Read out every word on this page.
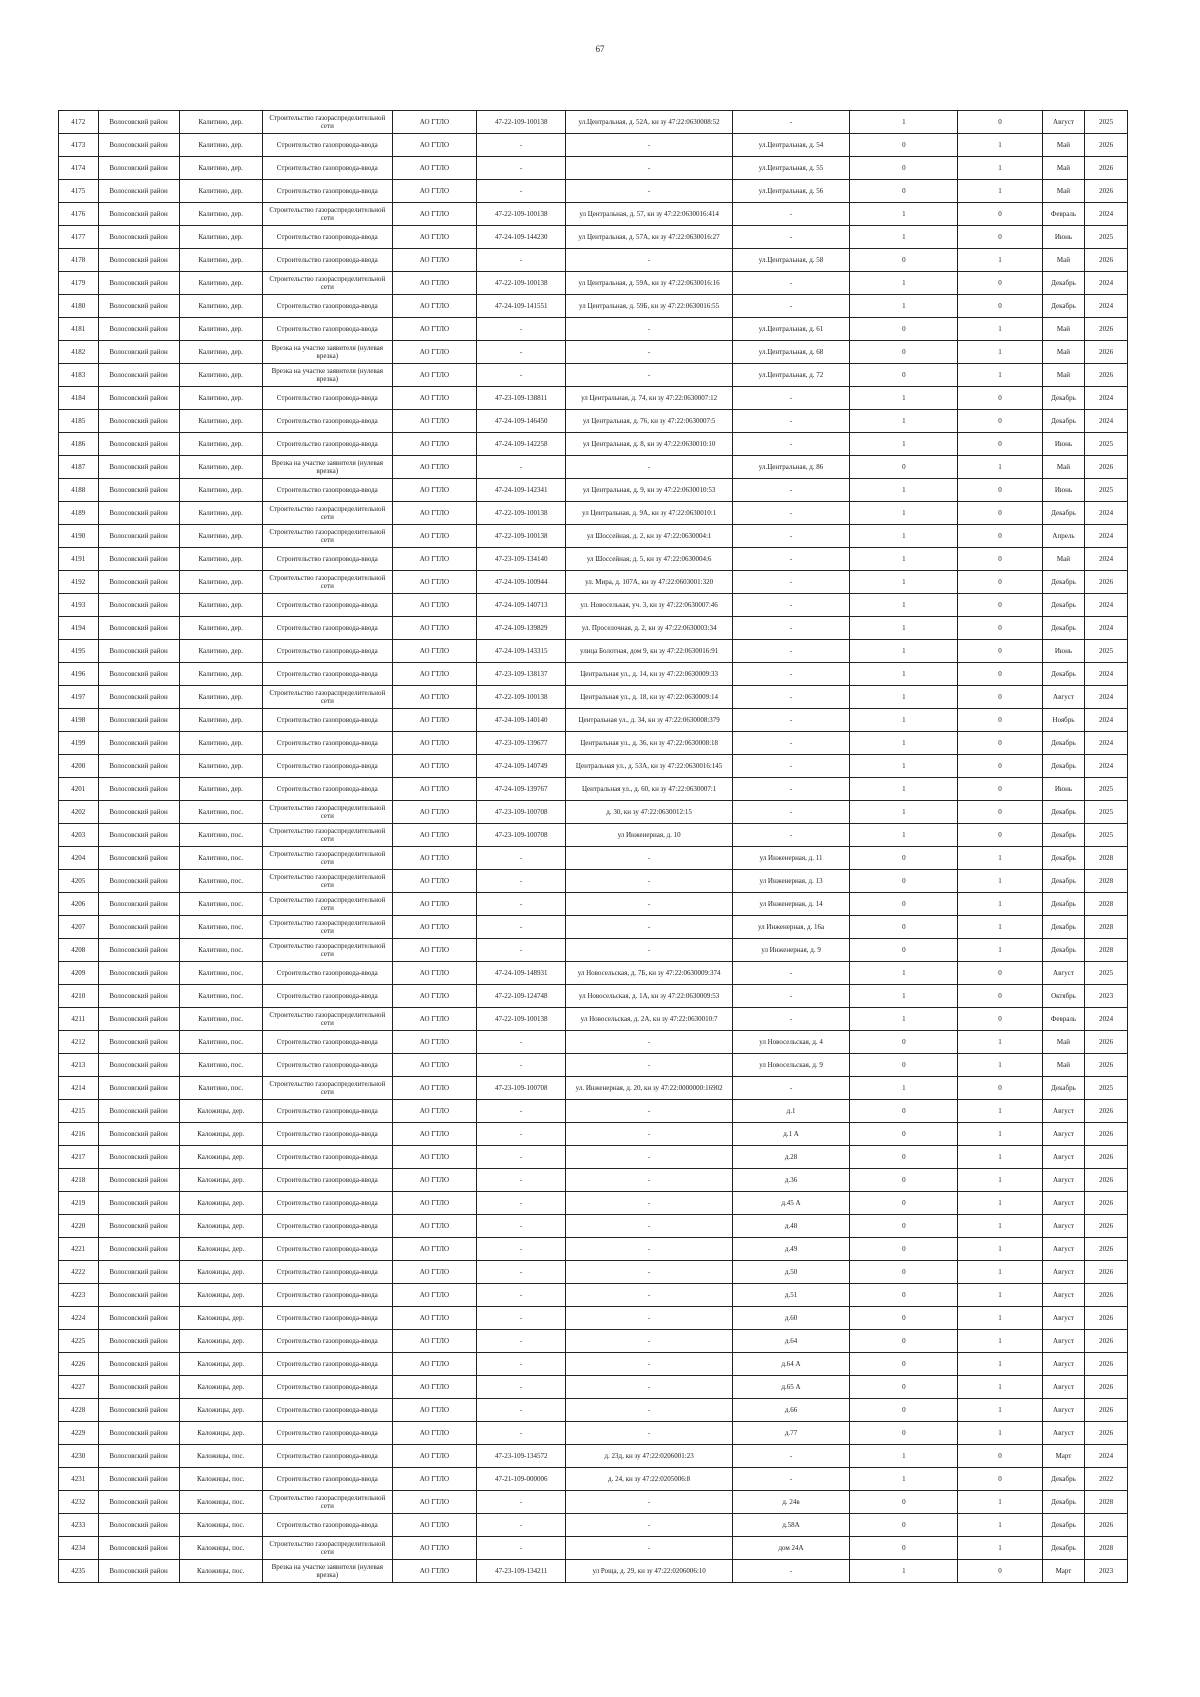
67
4172	Волосовский район	Калитино, дер.	Строительство газораспределительной сети	АО ГТЛО	47-22-109-100138	ул.Центральная, д. 52А, кн зу 47:22:0630008:52	-	1	0	Август	2025
4173	Волосовский район	Калитино, дер.	Строительство газопровода-ввода	АО ГТЛО	-	-	ул.Центральная, д. 54	0	1	Май	2026
4174	Волосовский район	Калитино, дер.	Строительство газопровода-ввода	АО ГТЛО	-	-	ул.Центральная, д. 55	0	1	Май	2026
4175	Волосовский район	Калитино, дер.	Строительство газопровода-ввода	АО ГТЛО	-	-	ул.Центральная, д. 56	0	1	Май	2026
4176	Волосовский район	Калитино, дер.	Строительство газораспределительной сети	АО ГТЛО	47-22-109-100138	ул Центральная, д. 57, кн зу 47:22:0630016:414	-	1	0	Февраль	2024
4177	Волосовский район	Калитино, дер.	Строительство газопровода-ввода	АО ГТЛО	47-24-109-144230	ул Центральная, д. 57А, кн зу 47:22:0630016:27	-	1	0	Июнь	2025
4178	Волосовский район	Калитино, дер.	Строительство газопровода-ввода	АО ГТЛО	-	-	ул.Центральная, д. 58	0	1	Май	2026
4179	Волосовский район	Калитино, дер.	Строительство газораспределительной сети	АО ГТЛО	47-22-109-100138	ул Центральная, д. 59А, кн зу 47:22:0630016:16	-	1	0	Декабрь	2024
4180	Волосовский район	Калитино, дер.	Строительство газопровода-ввода	АО ГТЛО	47-24-109-141551	ул Центральная, д. 59Б, кн зу 47:22:0630016:55	-	1	0	Декабрь	2024
4181	Волосовский район	Калитино, дер.	Строительство газопровода-ввода	АО ГТЛО	-	-	ул.Центральная, д. 61	0	1	Май	2026
4182	Волосовский район	Калитино, дер.	Врезка на участке заявителя (нулевая врезка)	АО ГТЛО	-	-	ул.Центральная, д. 68	0	1	Май	2026
4183	Волосовский район	Калитино, дер.	Врезка на участке заявителя (нулевая врезка)	АО ГТЛО	-	-	ул.Центральная, д. 72	0	1	Май	2026
4184	Волосовский район	Калитино, дер.	Строительство газопровода-ввода	АО ГТЛО	47-23-109-138811	ул Центральная, д. 74, кн зу 47:22:0630007:12	-	1	0	Декабрь	2024
4185	Волосовский район	Калитино, дер.	Строительство газопровода-ввода	АО ГТЛО	47-24-109-146450	ул Центральная, д. 76, кн зу 47:22:0630007:5	-	1	0	Декабрь	2024
4186	Волосовский район	Калитино, дер.	Строительство газопровода-ввода	АО ГТЛО	47-24-109-142258	ул Центральная, д. 8, кн зу 47:22:0630010:10	-	1	0	Июнь	2025
4187	Волосовский район	Калитино, дер.	Врезка на участке заявителя (нулевая врезка)	АО ГТЛО	-	-	ул.Центральная, д. 86	0	1	Май	2026
4188	Волосовский район	Калитино, дер.	Строительство газопровода-ввода	АО ГТЛО	47-24-109-142341	ул Центральная, д. 9, кн зу 47:22:0630010:53	-	1	0	Июнь	2025
4189	Волосовский район	Калитино, дер.	Строительство газораспределительной сети	АО ГТЛО	47-22-109-100138	ул Центральная, д. 9А, кн зу 47:22:0630010:1	-	1	0	Декабрь	2024
4190	Волосовский район	Калитино, дер.	Строительство газораспределительной сети	АО ГТЛО	47-22-109-100138	ул Шоссейная, д. 2, кн зу 47:22:0630004:1	-	1	0	Апрель	2024
4191	Волосовский район	Калитино, дер.	Строительство газопровода-ввода	АО ГТЛО	47-23-109-134140	ул Шоссейная, д. 5, кн зу 47:22:0630004:6	-	1	0	Май	2024
4192	Волосовский район	Калитино, дер.	Строительство газораспределительной сети	АО ГТЛО	47-24-109-100944	ул. Мира, д. 107А, кн зу 47:22:0603001:320	-	1	0	Декабрь	2026
4193	Волосовский район	Калитино, дер.	Строительство газопровода-ввода	АО ГТЛО	47-24-109-140713	ул. Новоселькая, уч. 3, кн зу 47:22:0630007:46	-	1	0	Декабрь	2024
4194	Волосовский район	Калитино, дер.	Строительство газопровода-ввода	АО ГТЛО	47-24-109-139829	ул. Проселочная, д. 2, кн зу 47:22:0630003:34	-	1	0	Декабрь	2024
4195	Волосовский район	Калитино, дер.	Строительство газопровода-ввода	АО ГТЛО	47-24-109-143315	улица Болотная, дом 9, кн зу 47:22:0630016:91	-	1	0	Июнь	2025
4196	Волосовский район	Калитино, дер.	Строительство газопровода-ввода	АО ГТЛО	47-23-109-138137	Центральная ул., д. 14, кн зу 47:22:0630009:33	-	1	0	Декабрь	2024
4197	Волосовский район	Калитино, дер.	Строительство газораспределительной сети	АО ГТЛО	47-22-109-100138	Центральная ул., д. 18, кн зу 47:22:0630009:14	-	1	0	Август	2024
4198	Волосовский район	Калитино, дер.	Строительство газопровода-ввода	АО ГТЛО	47-24-109-140140	Центральная ул., д. 34, кн зу 47:22:0630008:379	-	1	0	Ноябрь	2024
4199	Волосовский район	Калитино, дер.	Строительство газопровода-ввода	АО ГТЛО	47-23-109-139677	Центральная ул., д. 36, кн зу 47:22:0630008:18	-	1	0	Декабрь	2024
4200	Волосовский район	Калитино, дер.	Строительство газопровода-ввода	АО ГТЛО	47-24-109-140749	Центральная ул., д. 53А, кн зу 47:22:0630016:145	-	1	0	Декабрь	2024
4201	Волосовский район	Калитино, дер.	Строительство газопровода-ввода	АО ГТЛО	47-24-109-139767	Центральная ул., д. 60, кн зу 47:22:0630007:1	-	1	0	Июнь	2025
4202	Волосовский район	Калитино, пос.	Строительство газораспределительной сети	АО ГТЛО	47-23-109-100708	д. 30, кн зу 47:22:0630012:15	-	1	0	Декабрь	2025
4203	Волосовский район	Калитино, пос.	Строительство газораспределительной сети	АО ГТЛО	47-23-109-100708	ул Инженерная, д. 10	-	1	0	Декабрь	2025
4204	Волосовский район	Калитино, пос.	Строительство газораспределительной сети	АО ГТЛО	-	-	ул Инженерная, д. 11	0	1	Декабрь	2028
4205	Волосовский район	Калитино, пос.	Строительство газораспределительной сети	АО ГТЛО	-	-	ул Инженерная, д. 13	0	1	Декабрь	2028
4206	Волосовский район	Калитино, пос.	Строительство газораспределительной сети	АО ГТЛО	-	-	ул Инженерная, д. 14	0	1	Декабрь	2028
4207	Волосовский район	Калитино, пос.	Строительство газораспределительной сети	АО ГТЛО	-	-	ул Инженерная, д. 16а	0	1	Декабрь	2028
4208	Волосовский район	Калитино, пос.	Строительство газораспределительной сети	АО ГТЛО	-	-	ул Инженерная, д. 9	0	1	Декабрь	2028
4209	Волосовский район	Калитино, пос.	Строительство газопровода-ввода	АО ГТЛО	47-24-109-148931	ул Новосельская, д. 7Б, кн зу 47:22:0630009:374	-	1	0	Август	2025
4210	Волосовский район	Калитино, пос.	Строительство газопровода-ввода	АО ГТЛО	47-22-109-124748	ул Новосельская, д. 1А, кн зу 47:22:0630009:53	-	1	0	Октябрь	2023
4211	Волосовский район	Калитино, пос.	Строительство газораспределительной сети	АО ГТЛО	47-22-109-100138	ул Новосельская, д. 2А, кн зу 47:22:0630010:7	-	1	0	Февраль	2024
4212	Волосовский район	Калитино, пос.	Строительство газопровода-ввода	АО ГТЛО	-	-	ул Новосельская, д. 4	0	1	Май	2026
4213	Волосовский район	Калитино, пос.	Строительство газопровода-ввода	АО ГТЛО	-	-	ул Новосельская, д. 9	0	1	Май	2026
4214	Волосовский район	Калитино, пос.	Строительство газораспределительной сети	АО ГТЛО	47-23-109-100708	ул. Инженерная, д. 20, кн зу 47:22:0000000:16902	-	1	0	Декабрь	2025
4215	Волосовский район	Каложицы, дер.	Строительство газопровода-ввода	АО ГТЛО	-	-	д.1	0	1	Август	2026
4216	Волосовский район	Каложицы, дер.	Строительство газопровода-ввода	АО ГТЛО	-	-	д.1 А	0	1	Август	2026
4217	Волосовский район	Каложицы, дер.	Строительство газопровода-ввода	АО ГТЛО	-	-	д.28	0	1	Август	2026
4218	Волосовский район	Каложицы, дер.	Строительство газопровода-ввода	АО ГТЛО	-	-	д.36	0	1	Август	2026
4219	Волосовский район	Каложицы, дер.	Строительство газопровода-ввода	АО ГТЛО	-	-	д.45 А	0	1	Август	2026
4220	Волосовский район	Каложицы, дер.	Строительство газопровода-ввода	АО ГТЛО	-	-	д.48	0	1	Август	2026
4221	Волосовский район	Каложицы, дер.	Строительство газопровода-ввода	АО ГТЛО	-	-	д.49	0	1	Август	2026
4222	Волосовский район	Каложицы, дер.	Строительство газопровода-ввода	АО ГТЛО	-	-	д.50	0	1	Август	2026
4223	Волосовский район	Каложицы, дер.	Строительство газопровода-ввода	АО ГТЛО	-	-	д.51	0	1	Август	2026
4224	Волосовский район	Каложицы, дер.	Строительство газопровода-ввода	АО ГТЛО	-	-	д.60	0	1	Август	2026
4225	Волосовский район	Каложицы, дер.	Строительство газопровода-ввода	АО ГТЛО	-	-	д.64	0	1	Август	2026
4226	Волосовский район	Каложицы, дер.	Строительство газопровода-ввода	АО ГТЛО	-	-	д.64 А	0	1	Август	2026
4227	Волосовский район	Каложицы, дер.	Строительство газопровода-ввода	АО ГТЛО	-	-	д.65 А	0	1	Август	2026
4228	Волосовский район	Каложицы, дер.	Строительство газопровода-ввода	АО ГТЛО	-	-	д.66	0	1	Август	2026
4229	Волосовский район	Каложицы, дер.	Строительство газопровода-ввода	АО ГТЛО	-	-	д.77	0	1	Август	2026
4230	Волосовский район	Каложицы, пос.	Строительство газопровода-ввода	АО ГТЛО	47-23-109-134572	д. 23д, кн зу 47:22:0206001:23	-	1	0	Март	2024
4231	Волосовский район	Каложицы, пос.	Строительство газопровода-ввода	АО ГТЛО	47-21-109-000006	д. 24, кн зу 47:22:0205006:8	-	1	0	Декабрь	2022
4232	Волосовский район	Каложицы, пос.	Строительство газораспределительной сети	АО ГТЛО	-	-	д. 24в	0	1	Декабрь	2028
4233	Волосовский район	Каложицы, пос.	Строительство газопровода-ввода	АО ГТЛО	-	-	д.58А	0	1	Декабрь	2026
4234	Волосовский район	Каложицы, пос.	Строительство газораспределительной сети	АО ГТЛО	-	-	дом 24А	0	1	Декабрь	2028
4235	Волосовский район	Каложицы, пос.	Врезка на участке заявителя (нулевая врезка)	АО ГТЛО	47-23-109-134211	ул Роща, д. 29, кн зу 47:22:0206006:10	-	1	0	Март	2023
